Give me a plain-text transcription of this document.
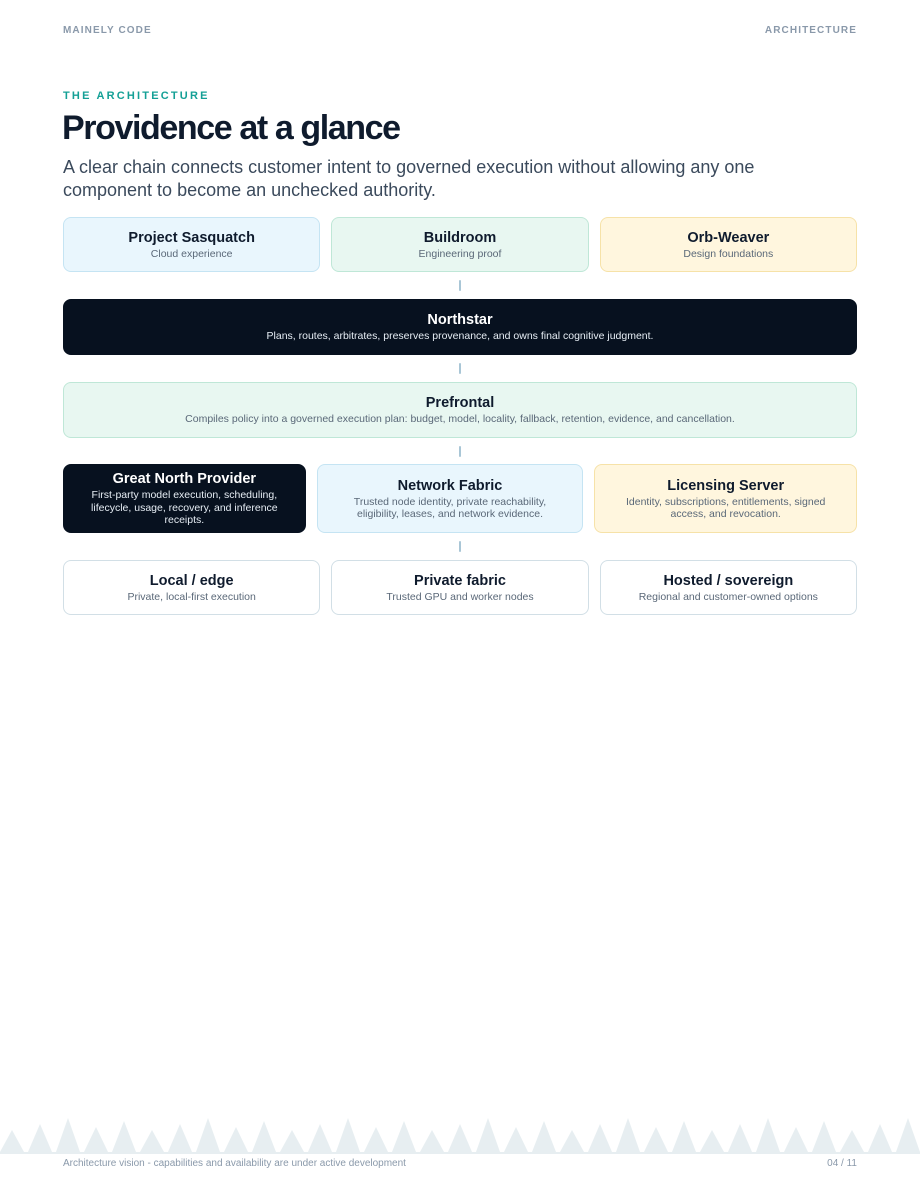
MAINELY CODE	ARCHITECTURE
THE ARCHITECTURE
Providence at a glance

A clear chain connects customer intent to governed execution without allowing any one component to become an unchecked authority.

Project Sasquatch
Cloud experience
Buildroom
Engineering proof
Orb-Weaver
Design foundations
Northstar
Plans, routes, arbitrates, preserves provenance, and owns final cognitive judgment.
Prefrontal
Compiles policy into a governed execution plan: budget, model, locality, fallback, retention, evidence, and cancellation.
Great North Provider
First-party model execution, scheduling, lifecycle, usage, recovery, and inference receipts.
Network Fabric
Trusted node identity, private reachability, eligibility, leases, and network evidence.
Licensing Server
Identity, subscriptions, entitlements, signed access, and revocation.
Local / edge
Private, local-first execution
Private fabric
Trusted GPU and worker nodes
Hosted / sovereign
Regional and customer-owned options
Architecture vision - capabilities and availability are under active development	04 / 11
